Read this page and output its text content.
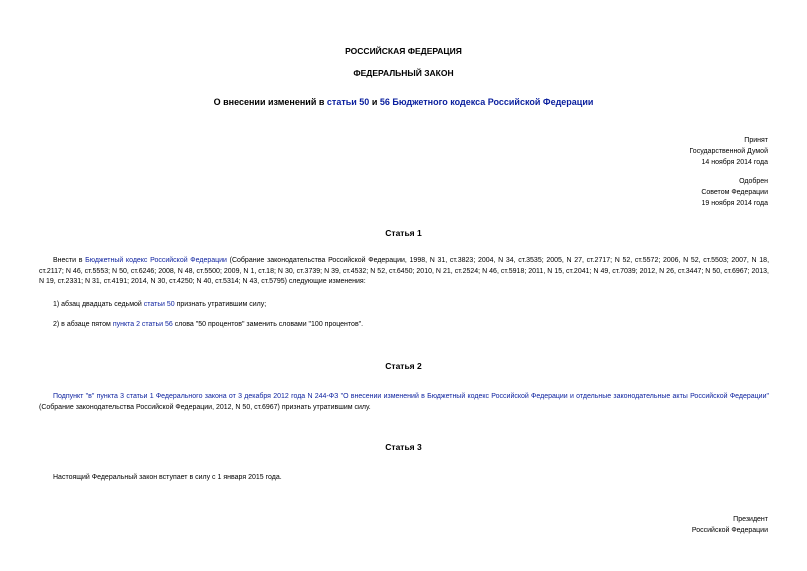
РОССИЙСКАЯ ФЕДЕРАЦИЯ
ФЕДЕРАЛЬНЫЙ ЗАКОН
О внесении изменений в статьи 50 и 56 Бюджетного кодекса Российской Федерации
Принят
Государственной Думой
14 ноября 2014 года
Одобрен
Советом Федерации
19 ноября 2014 года
Статья 1
Внести в Бюджетный кодекс Российской Федерации (Собрание законодательства Российской Федерации, 1998, N 31, ст.3823; 2004, N 34, ст.3535; 2005, N 27, ст.2717; N 52, ст.5572; 2006, N 52, ст.5503; 2007, N 18, ст.2117; N 46, ст.5553; N 50, ст.6246; 2008, N 48, ст.5500; 2009, N 1, ст.18; N 30, ст.3739; N 39, ст.4532; N 52, ст.6450; 2010, N 21, ст.2524; N 46, ст.5918; 2011, N 15, ст.2041; N 49, ст.7039; 2012, N 26, ст.3447; N 50, ст.6967; 2013, N 19, ст.2331; N 31, ст.4191; 2014, N 30, ст.4250; N 40, ст.5314; N 43, ст.5795) следующие изменения:
1) абзац двадцать седьмой статьи 50 признать утратившим силу;
2) в абзаце пятом пункта 2 статьи 56 слова "50 процентов" заменить словами "100 процентов".
Статья 2
Подпункт "в" пункта 3 статьи 1 Федерального закона от 3 декабря 2012 года N 244-ФЗ "О внесении изменений в Бюджетный кодекс Российской Федерации и отдельные законодательные акты Российской Федерации" (Собрание законодательства Российской Федерации, 2012, N 50, ст.6967) признать утратившим силу.
Статья 3
Настоящий Федеральный закон вступает в силу с 1 января 2015 года.
Президент
Российской Федерации
